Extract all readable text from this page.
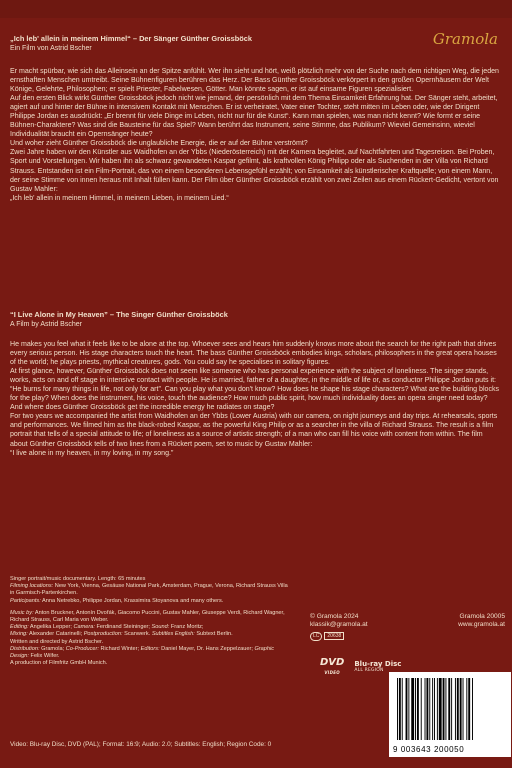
Gramola
„Ich leb' allein in meinem Himmel“ – Der Sänger Günther Groissböck
Ein Film von Astrid Bscher

Er macht spürbar, wie sich das Alleinsein an der Spitze anfühlt. Wer ihn sieht und hört, weiß plötzlich mehr von der Suche nach dem richtigen Weg, die jeden ernsthaften Menschen umtreibt. Seine Bühnenfiguren berühren das Herz. Der Bass Günther Groissböck verkörpert in den großen Opernhäusern der Welt Könige, Gelehrte, Philosophen; er spielt Priester, Fabelwesen, Götter. Man könnte sagen, er ist auf einsame Figuren spezialisiert.

Auf den ersten Blick wirkt Günther Groissböck jedoch nicht wie jemand, der persönlich mit dem Thema Einsamkeit Erfahrung hat. Der Sänger steht, arbeitet, agiert auf und hinter der Bühne in intensivem Kontakt mit Menschen. Er ist verheiratet, Vater einer Tochter, steht mitten im Leben oder, wie der Dirigent Philippe Jordan es ausdrückt: „Er brennt für viele Dinge im Leben, nicht nur für die Kunst“. Kann man spielen, was man nicht kennt? Wie formt er seine Bühnen-Charaktere? Was sind die Bausteine für das Spiel? Wann berührt das Instrument, seine Stimme, das Publikum? Wieviel Gemeinsinn, wieviel Individualität braucht ein Opernsänger heute?

Und woher zieht Günther Groissböck die unglaubliche Energie, die er auf der Bühne verströmt?

Zwei Jahre haben wir den Künstler aus Waidhofen an der Ybbs (Niederösterreich) mit der Kamera begleitet, auf Nachtfahrten und Tagesreisen. Bei Proben, Sport und Vorstellungen. Wir haben ihn als schwarz gewandeten Kaspar gefilmt, als kraftvollen König Philipp oder als Suchenden in der Villa von Richard Strauss. Entstanden ist ein Film-Portrait, das von einem besonderen Lebensgefühl erzählt; von Einsamkeit als künstlerischer Kraftquelle; von einem Mann, der seine Stimme von innen heraus mit Inhalt füllen kann. Der Film über Günther Groissböck erzählt von zwei Zeilen aus einem Rückert-Gedicht, vertont von Gustav Mahler:

„Ich leb' allein in meinem Himmel, in meinem Lieben, in meinem Lied.“

“I Live Alone in My Heaven” – The Singer Günther Groissböck
A Film by Astrid Bscher

He makes you feel what it feels like to be alone at the top. Whoever sees and hears him suddenly knows more about the search for the right path that drives every serious person. His stage characters touch the heart. The bass Günther Groissböck embodies kings, scholars, philosophers in the great opera houses of the world; he plays priests, mythical creatures, gods. You could say he specialises in solitary figures.

At first glance, however, Günther Groissböck does not seem like someone who has personal experience with the subject of loneliness. The singer stands, works, acts on and off stage in intensive contact with people. He is married, father of a daughter, in the middle of life or, as conductor Philippe Jordan puts it: “He burns for many things in life, not only for art”. Can you play what you don't know? How does he shape his stage characters? What are the building blocks for the play? When does the instrument, his voice, touch the audience? How much public spirit, how much individuality does an opera singer need today?

And where does Günther Groissböck get the incredible energy he radiates on stage?

For two years we accompanied the artist from Waidhofen an der Ybbs (Lower Austria) with our camera, on night journeys and day trips. At rehearsals, sports and performances. We filmed him as the black-robed Kaspar, as the powerful King Philip or as a searcher in the villa of Richard Strauss. The result is a film portrait that tells of a special attitude to life; of loneliness as a source of artistic strength; of a man who can fill his voice with content from within. The film about Günther Groissböck tells of two lines from a Rückert poem, set to music by Gustav Mahler:

“I live alone in my heaven, in my loving, in my song.”

Singer portrait/music documentary. Length: 65 minutes

Filming locations: New York, Vienna, Gesäuse National Park, Amsterdam, Prague, Verona, Richard Strauss Villa in Garmisch-Partenkirchen.

Participants: Anna Netrebko, Philippe Jordan, Krassimira Stoyanova and many others.

Music by: Anton Bruckner, Antonín Dvořák, Giacomo Puccini, Gustav Mahler, Giuseppe Verdi, Richard Wagner, Richard Strauss, Carl Maria von Weber.

Editing: Angelika Lepper; Camera: Ferdinand Steininger; Sound: Franz Moritz;

Mixing: Alexander Catarinelli; Postproduction: Scanwerk. Subtitles English: Subtext Berlin.

Written and directed by Astrid Bscher.

Distribution: Gramola; Co-Producer: Richard Winter; Editors: Daniel Mayer, Dr. Hans Zeppelzauer; Graphic Design: Felix Wilfer.

A production of Filmfritz GmbH Munich.

© Gramola 2024	Gramola 20005
klassik@gramola.at	www.gramola.at
LC	20638
DVD
VIDEO
Blu-ray Disc
ALL REGION
9 003643 200050
Video: Blu-ray Disc, DVD (PAL); Format: 16:9; Audio: 2.0; Subtitles: English; Region Code: 0
